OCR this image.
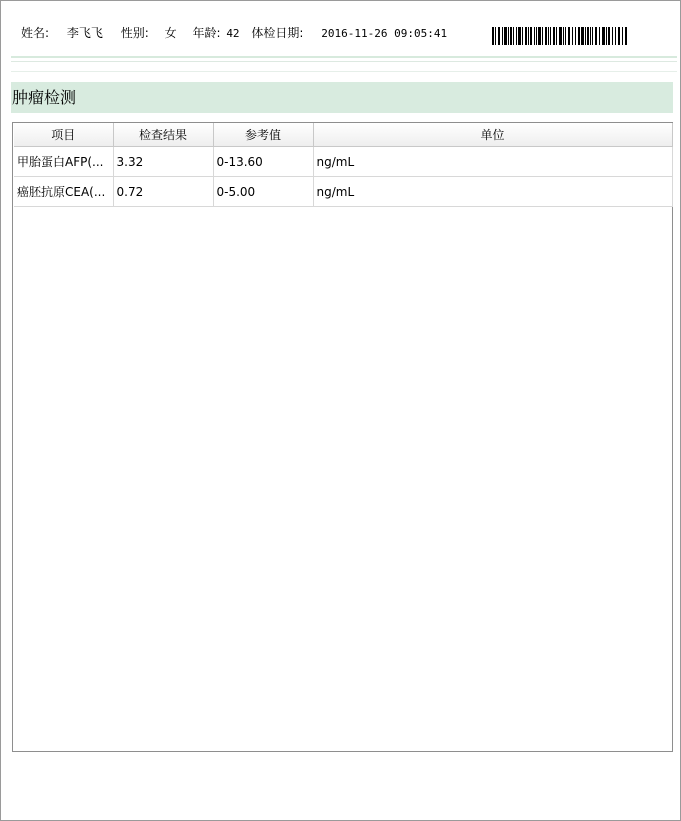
姓名: 李飞飞 性别: 女 年龄: 42 体检日期: 2016-11-26 09:05:41
肿瘤检测
项目	检查结果	参考值	单位
甲胎蛋白AFP(...	3.32	0-13.60	ng/mL
癌胚抗原CEA(...	0.72	0-5.00	ng/mL
